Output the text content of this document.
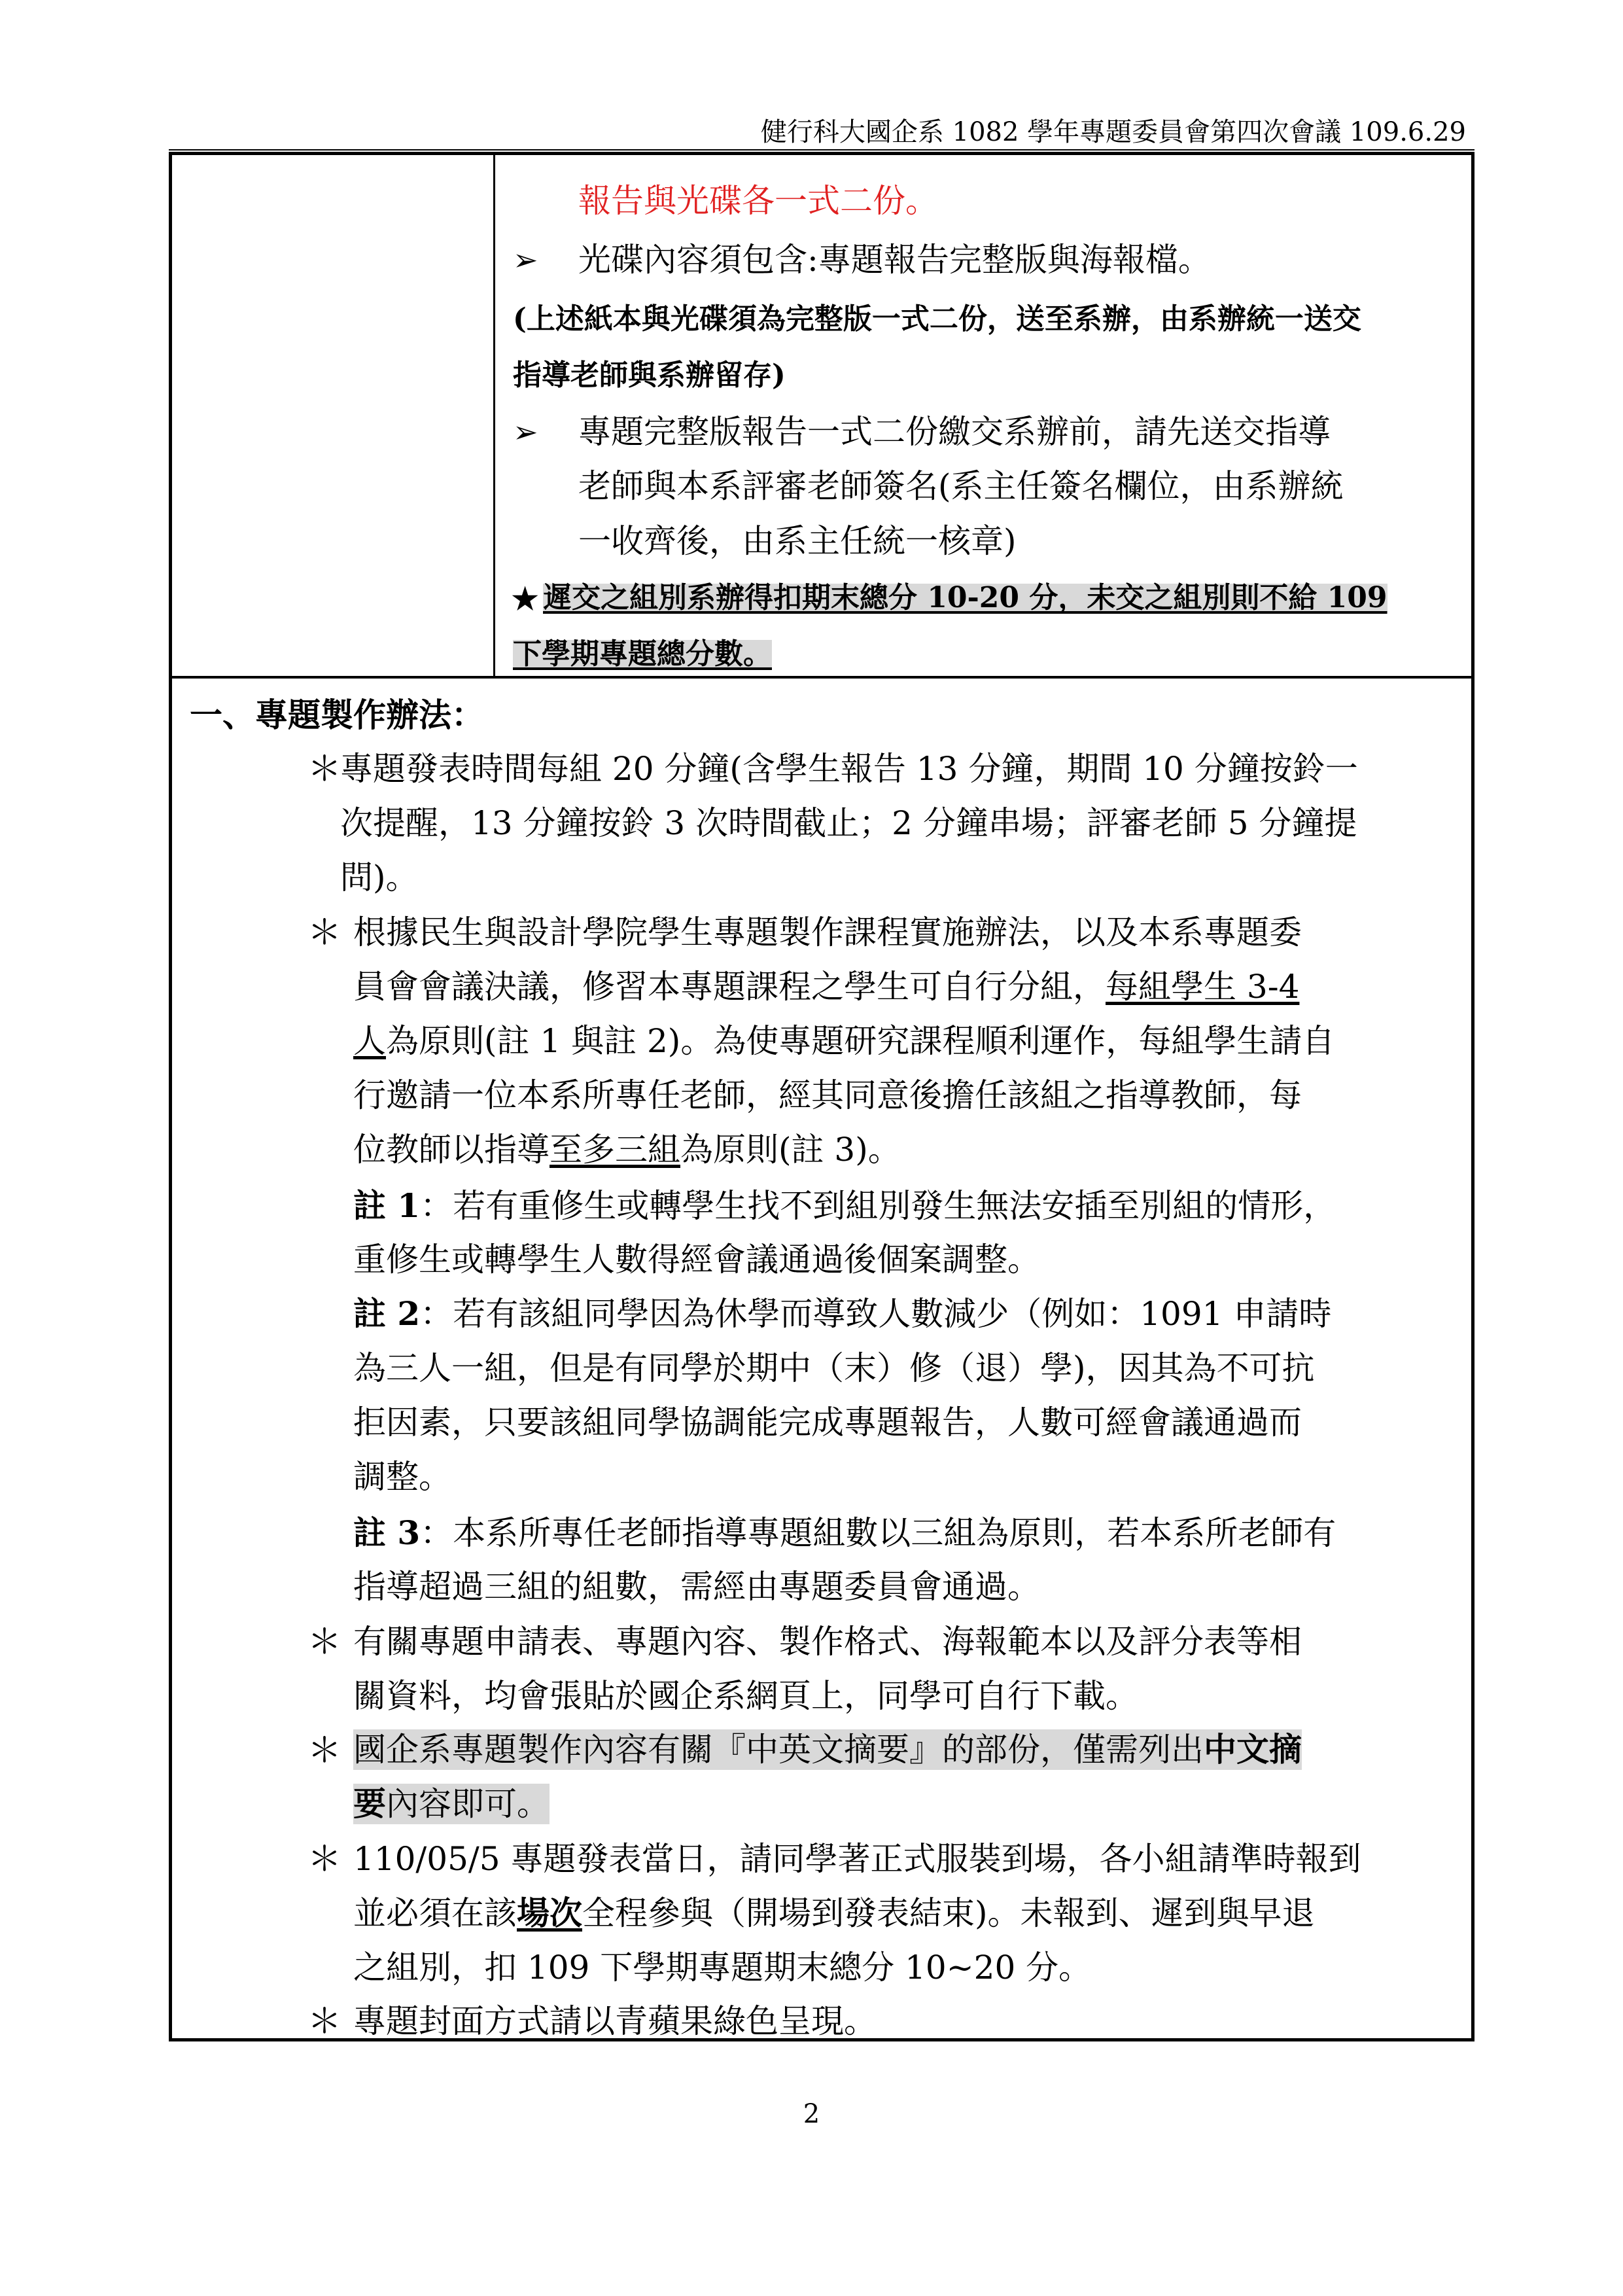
健行科大國企系 1082 學年專題委員會第四次會議 109.6.29
報告與光碟各一式二份。
➢ 光碟內容須包含:專題報告完整版與海報檔。
(上述紙本與光碟須為完整版一式二份，送至系辦，由系辦統一送交
指導老師與系辦留存)
➢ 專題完整版報告一式二份繳交系辦前，請先送交指導
老師與本系評審老師簽名(系主任簽名欄位，由系辦統
一收齊後，由系主任統一核章)
★ 遲交之組別系辦得扣期末總分 10-20 分，未交之組別則不給 109
下學期專題總分數。
一、專題製作辦法：
＊
專題發表時間每組 20 分鐘(含學生報告 13 分鐘，期間 10 分鐘按鈴一
次提醒，13 分鐘按鈴 3 次時間截止；2 分鐘串場；評審老師 5 分鐘提
問)。
＊ 根據民生與設計學院學生專題製作課程實施辦法，以及本系專題委
員會會議決議，修習本專題課程之學生可自行分組，每組學生 3-4
人為原則(註 1 與註 2)。為使專題研究課程順利運作，每組學生請自
行邀請一位本系所專任老師，經其同意後擔任該組之指導教師，每
位教師以指導至多三組為原則(註 3)。
註 1：若有重修生或轉學生找不到組別發生無法安插至別組的情形，
重修生或轉學生人數得經會議通過後個案調整。
註 2：若有該組同學因為休學而導致人數減少（例如：1091 申請時
為三人一組，但是有同學於期中（末）修（退）學)，因其為不可抗
拒因素，只要該組同學協調能完成專題報告，人數可經會議通過而
調整。
註 3：本系所專任老師指導專題組數以三組為原則，若本系所老師有
指導超過三組的組數，需經由專題委員會通過。
＊ 有關專題申請表、專題內容、製作格式、海報範本以及評分表等相
關資料，均會張貼於國企系網頁上，同學可自行下載。
＊ 國企系專題製作內容有關『中英文摘要』的部份，僅需列出中文摘
要內容即可。
＊ 110/05/5 專題發表當日，請同學著正式服裝到場，各小組請準時報到
並必須在該場次全程參與（開場到發表結束)。未報到、遲到與早退
之組別，扣 109 下學期專題期末總分 10~20 分。
＊ 專題封面方式請以青蘋果綠色呈現。
2
